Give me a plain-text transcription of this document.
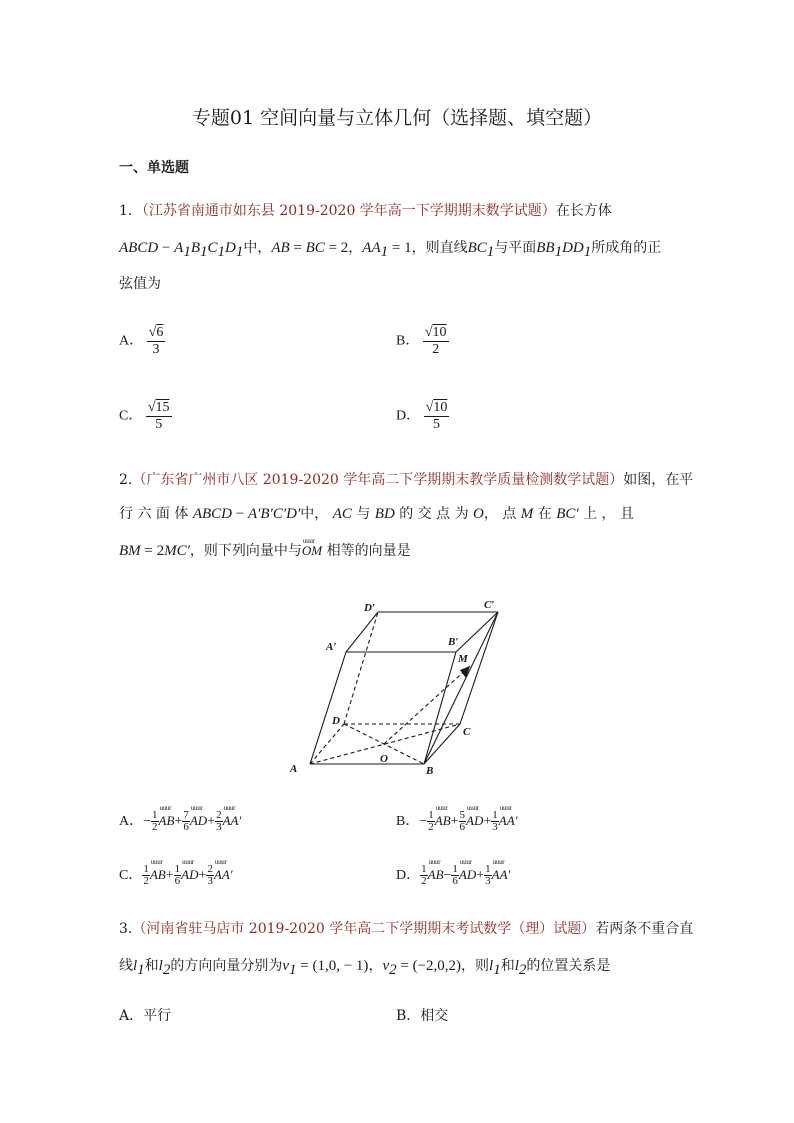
专题01 空间向量与立体几何（选择题、填空题）
一、单选题
1．（江苏省南通市如东县 2019-2020 学年高一下学期期末数学试题）在长方体
ABCD − $A_1B_1C_1D_1$中，AB = BC = 2，$AA_1 = 1$，则直线$BC_1$与平面$BB_1DD_1$所成角的正
弦值为
A． $\frac{√6}{3}$	B． $\frac{√10}{2}$
C． $\frac{√15}{5}$	D． $\frac{√10}{5}$
2.（广东省广州市八区 2019-2020 学年高二下学期期末教学质量检测数学试题）如图，在平
行 六 面 体 ABCD − A′B′C′D′中， AC 与 BD 的 交 点 为 O， 点 M 在 BC′ 上 ， 且
BM = 2MC′，则下列向量中与uuur OM 相等的向量是
D′	C′
A′	B′
M
D
C
A
O
B
A．− $\frac{1}{2}uuur$ $AB+ \frac{7}{6}uuur$ $AD+ \frac{2}{3}uuur$ AA′	B．− $\frac{1}{2}uuur$ $AB+ \frac{5}{6}uuur$ $AD+ \frac{1}{3}uuur$ AA′
C． $\frac{1}{2}uuur$ $AB+ \frac{1}{6}uuur$ $AD+ \frac{2}{3}uuur$ AA′	D． $\frac{1}{2}uuur$ $AB- \frac{1}{6}uuur$ $AD+ \frac{1}{3}uuur$ AA′
3.（河南省驻马店市 2019-2020 学年高二下学期期末考试数学（理）试题）若两条不重合直
线$l_1$和$l_2$的方向向量分别为$\nu_1 = (1,0$, − 1)，$\nu_2 = (-2,0,2)$，则$l_1$和$l_2$的位置关系是
A．平行	B．相交
